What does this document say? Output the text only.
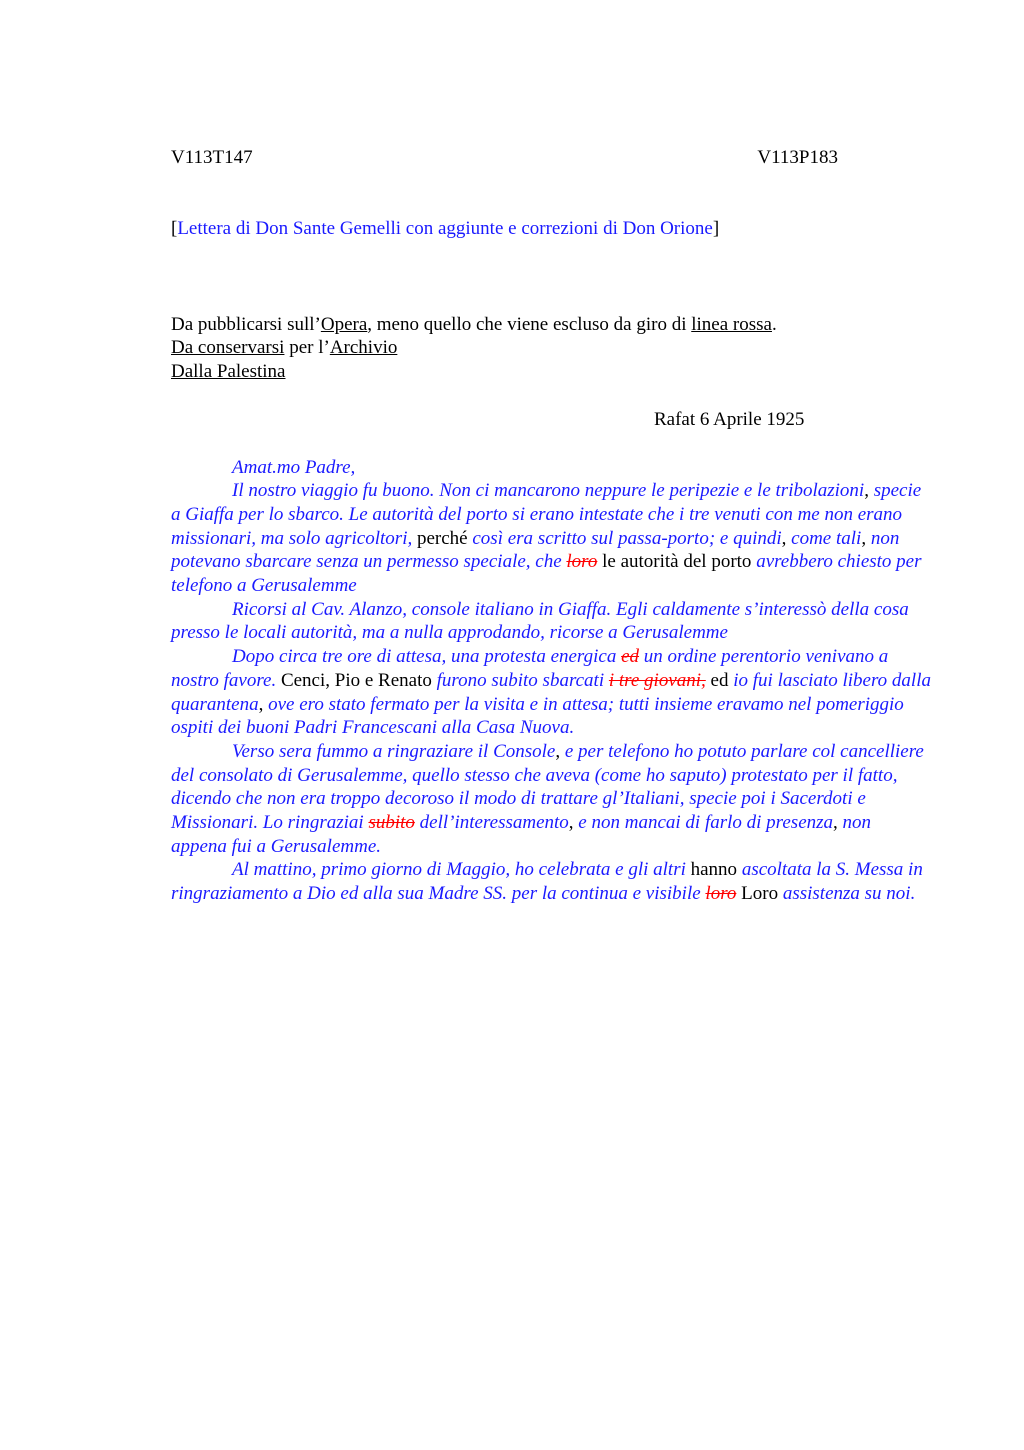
V113T147	V113P183

[Lettera di Don Sante Gemelli con aggiunte e correzioni di Don Orione]

Da pubblicarsi sull’Opera, meno quello che viene escluso da giro di linea rossa.

Da conservarsi per l’Archivio

Dalla Palestina

Rafat 6 Aprile 1925

Amat.mo Padre,

Il nostro viaggio fu buono. Non ci mancarono neppure le peripezie e le tribolazioni, specie a Giaffa per lo sbarco. Le autorità del porto si erano intestate che i tre venuti con me non erano missionari, ma solo agricoltori, perché così era scritto sul passa-porto; e quindi, come tali, non potevano sbarcare senza un permesso speciale, che loro le autorità del porto avrebbero chiesto per telefono a Gerusalemme

Ricorsi al Cav. Alanzo, console italiano in Giaffa. Egli caldamente s’interessò della cosa presso le locali autorità, ma a nulla approdando, ricorse a Gerusalemme

Dopo circa tre ore di attesa, una protesta energica ed un ordine perentorio venivano a nostro favore. Cenci, Pio e Renato furono subito sbarcati i tre giovani, ed io fui lasciato libero dalla quarantena, ove ero stato fermato per la visita e in attesa; tutti insieme eravamo nel pomeriggio ospiti dei buoni Padri Francescani alla Casa Nuova.

Verso sera fummo a ringraziare il Console, e per telefono ho potuto parlare col cancelliere del consolato di Gerusalemme, quello stesso che aveva (come ho saputo) protestato per il fatto, dicendo che non era troppo decoroso il modo di trattare gl’Italiani, specie poi i Sacerdoti e Missionari. Lo ringraziai subito dell’interessamento, e non mancai di farlo di presenza, non appena fui a Gerusalemme.

Al mattino, primo giorno di Maggio, ho celebrata e gli altri hanno ascoltata la S. Messa in ringraziamento a Dio ed alla sua Madre SS. per la continua e visibile loro Loro assistenza su noi.
